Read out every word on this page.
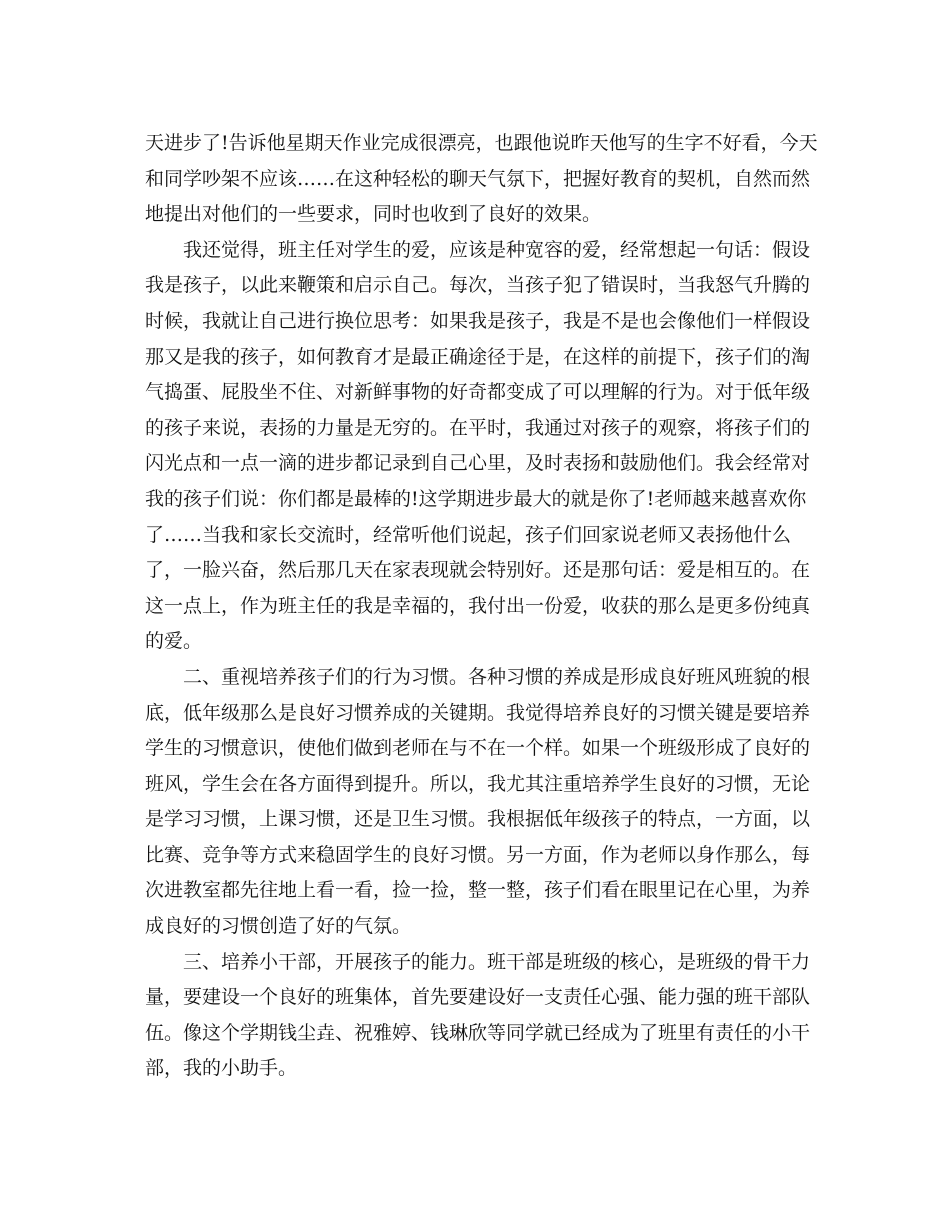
天进步了!告诉他星期天作业完成很漂亮，也跟他说昨天他写的生字不好看，今天
和同学吵架不应该……在这种轻松的聊天气氛下，把握好教育的契机，自然而然
地提出对他们的一些要求，同时也收到了良好的效果。
我还觉得，班主任对学生的爱，应该是种宽容的爱，经常想起一句话：假设
我是孩子，以此来鞭策和启示自己。每次，当孩子犯了错误时，当我怒气升腾的
时候，我就让自己进行换位思考：如果我是孩子，我是不是也会像他们一样假设
那又是我的孩子，如何教育才是最正确途径于是，在这样的前提下，孩子们的淘
气捣蛋、屁股坐不住、对新鲜事物的好奇都变成了可以理解的行为。对于低年级
的孩子来说，表扬的力量是无穷的。在平时，我通过对孩子的观察，将孩子们的
闪光点和一点一滴的进步都记录到自己心里，及时表扬和鼓励他们。我会经常对
我的孩子们说：你们都是最棒的!这学期进步最大的就是你了!老师越来越喜欢你
了……当我和家长交流时，经常听他们说起，孩子们回家说老师又表扬他什么
了，一脸兴奋，然后那几天在家表现就会特别好。还是那句话：爱是相互的。在
这一点上，作为班主任的我是幸福的，我付出一份爱，收获的那么是更多份纯真
的爱。
二、重视培养孩子们的行为习惯。各种习惯的养成是形成良好班风班貌的根
底，低年级那么是良好习惯养成的关键期。我觉得培养良好的习惯关键是要培养
学生的习惯意识，使他们做到老师在与不在一个样。如果一个班级形成了良好的
班风，学生会在各方面得到提升。所以，我尤其注重培养学生良好的习惯，无论
是学习习惯，上课习惯，还是卫生习惯。我根据低年级孩子的特点，一方面，以
比赛、竞争等方式来稳固学生的良好习惯。另一方面，作为老师以身作那么，每
次进教室都先往地上看一看，捡一捡，整一整，孩子们看在眼里记在心里，为养
成良好的习惯创造了好的气氛。
三、培养小干部，开展孩子的能力。班干部是班级的核心，是班级的骨干力
量，要建设一个良好的班集体，首先要建设好一支责任心强、能力强的班干部队
伍。像这个学期钱尘垚、祝雅婷、钱琳欣等同学就已经成为了班里有责任的小干
部，我的小助手。
